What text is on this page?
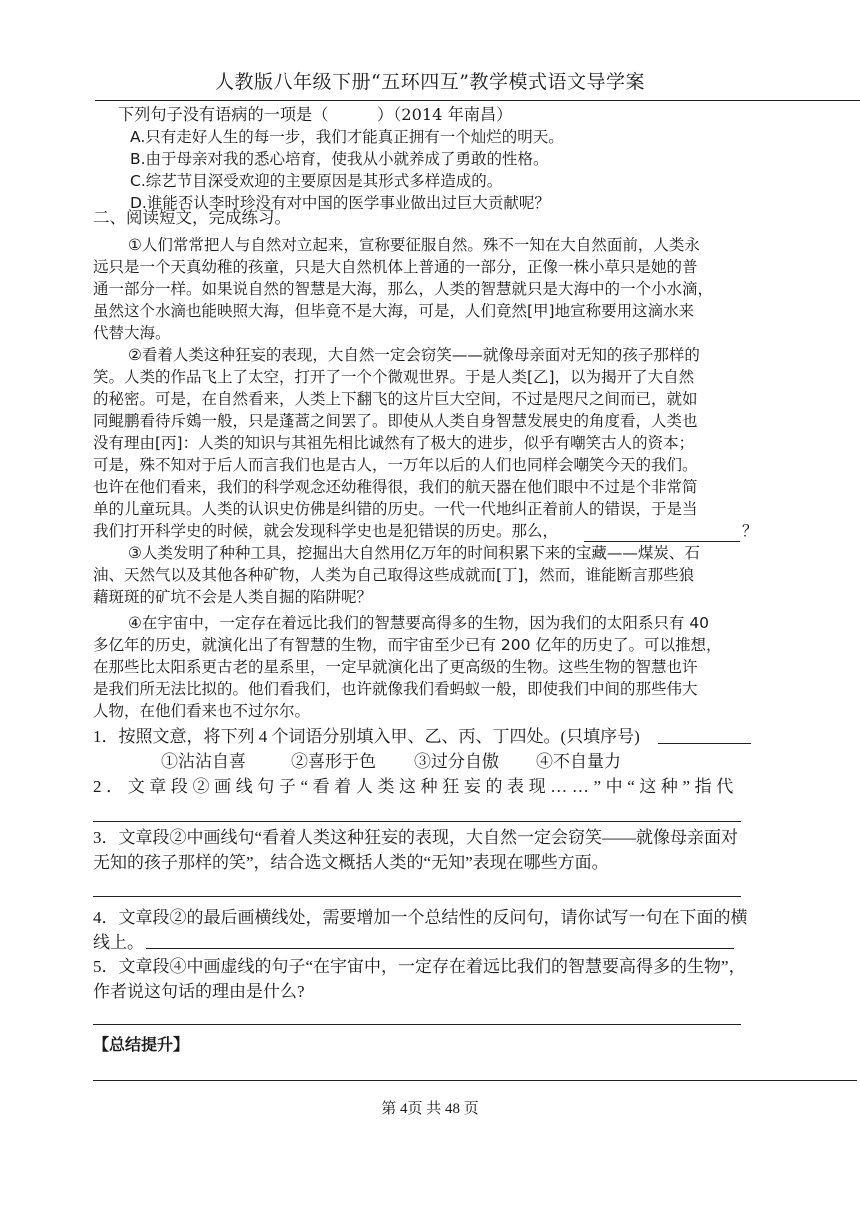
人教版八年级下册“五环四互”教学模式语文导学案
下列句子没有语病的一项是（　　　）（2014 年南昌）
A.只有走好人生的每一步，我们才能真正拥有一个灿烂的明天。
B.由于母亲对我的悉心培育，使我从小就养成了勇敢的性格。
C.综艺节目深受欢迎的主要原因是其形式多样造成的。
D.谁能否认李时珍没有对中国的医学事业做出过巨大贡献呢？
二、阅读短文，完成练习。
①人们常常把人与自然对立起来，宣称要征服自然。殊不一知在大自然面前，人类永
远只是一个天真幼稚的孩童，只是大自然机体上普通的一部分，正像一株小草只是她的普
通一部分一样。如果说自然的智慧是大海，那么，人类的智慧就只是大海中的一个小水滴，
虽然这个水滴也能映照大海，但毕竟不是大海，可是，人们竟然[甲]地宣称要用这滴水来
代替大海。
②看着人类这种狂妄的表现，大自然一定会窃笑——就像母亲面对无知的孩子那样的
笑。人类的作品飞上了太空，打开了一个个微观世界。于是人类[乙]，以为揭开了大自然
的秘密。可是，在自然看来，人类上下翻飞的这片巨大空间，不过是咫尺之间而已，就如
同鲲鹏看待斥鴳一般，只是蓬蒿之间罢了。即使从人类自身智慧发展史的角度看，人类也
没有理由[丙]：人类的知识与其祖先相比诚然有了极大的进步，似乎有嘲笑古人的资本；
可是，殊不知对于后人而言我们也是古人，一万年以后的人们也同样会嘲笑今天的我们。
也许在他们看来，我们的科学观念还幼稚得很，我们的航天器在他们眼中不过是个非常简
单的儿童玩具。人类的认识史仿佛是纠错的历史。一代一代地纠正着前人的错误，于是当
我们打开科学史的时候，就会发现科学史也是犯错误的历史。那么，	？
③人类发明了种种工具，挖掘出大自然用亿万年的时间积累下来的宝藏——煤炭、石
油、天然气以及其他各种矿物，人类为自己取得这些成就而[丁]，然而，谁能断言那些狼
藉斑斑的矿坑不会是人类自掘的陷阱呢？
④在宇宙中，一定存在着远比我们的智慧要高得多的生物，因为我们的太阳系只有 40
多亿年的历史，就演化出了有智慧的生物，而宇宙至少已有 200 亿年的历史了。可以推想，
在那些比太阳系更古老的星系里，一定早就演化出了更高级的生物。这些生物的智慧也许
是我们所无法比拟的。他们看我们，也许就像我们看蚂蚁一般，即使我们中间的那些伟大
人物，在他们看来也不过尔尔。
1．按照文意，将下列 4 个词语分别填入甲、乙、丙、丁四处。(只填序号)
①沾沾自喜	②喜形于色 ③过分自傲 ④不自量力
2．文章段②画线句子“看着人类这种狂妄的表现……”中“这种”指代
3．文章段②中画线句“看着人类这种狂妄的表现，大自然一定会窃笑——就像母亲面对
无知的孩子那样的笑”，结合选文概括人类的“无知”表现在哪些方面。
4．文章段②的最后画横线处，需要增加一个总结性的反问句，请你试写一句在下面的横
线上。
5．文章段④中画虚线的句子“在宇宙中，一定存在着远比我们的智慧要高得多的生物”，
作者说这句话的理由是什么?
【总结提升】
第 4页 共 48 页
